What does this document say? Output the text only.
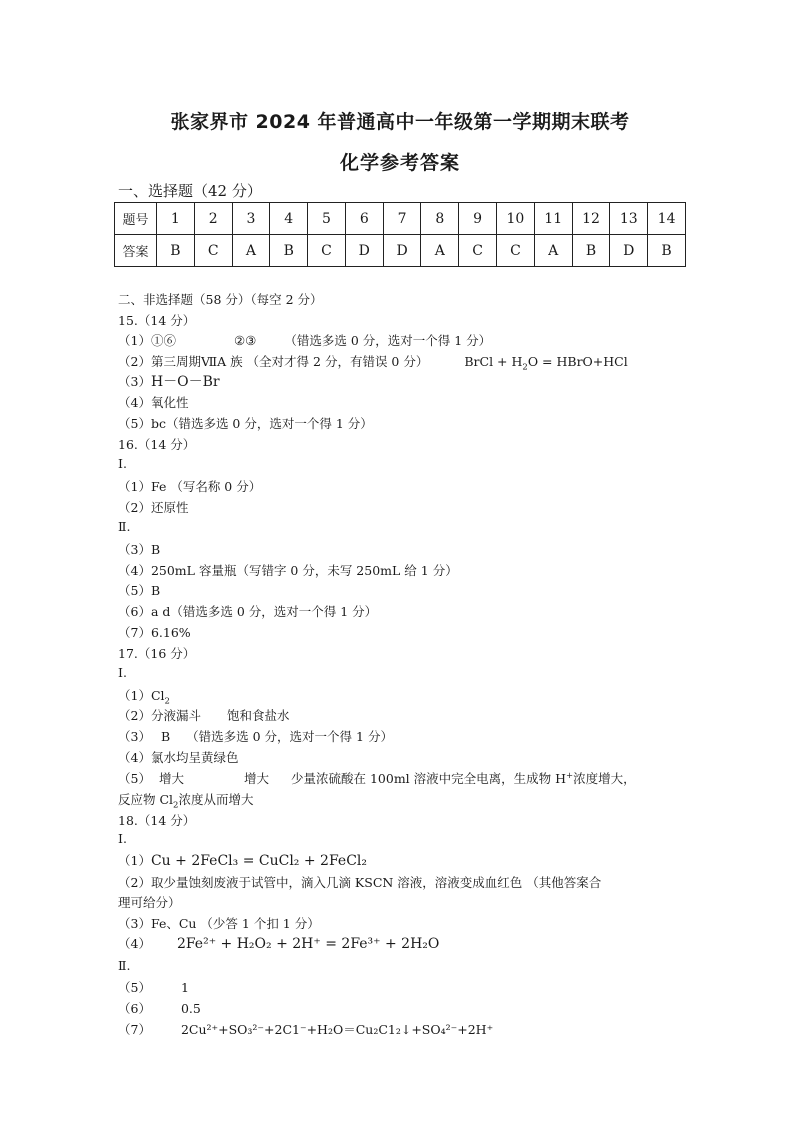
张家界市 2024 年普通高中一年级第一学期期末联考
化学参考答案
一、选择题（42 分）
题号	1	2	3	4	5	6	7	8	9	10	11	12	13	14
答案	B	C	A	B	C	D	D	A	C	C	A	B	D	B
二、非选择题（58 分）（每空 2 分）
15.（14 分）
（1）①⑥	②③ （错选多选 0 分，选对一个得 1 分）
（2）第三周期ⅦA 族 （全对才得 2 分，有错误 0 分）	BrCl + $H_2O$ = HBrO+HCl
（3）H－O－Br
（4）氧化性
（5）bc（错选多选 0 分，选对一个得 1 分）
16.（14 分）
Ⅰ.
（1）Fe （写名称 0 分）
（2）还原性
Ⅱ.
（3）B
（4）250mL 容量瓶（写错字 0 分，未写 250mL 给 1 分）
（5）B
（6）a d（错选多选 0 分，选对一个得 1 分）
（7）6.16%
17.（16 分）
Ⅰ.
$(1)Cl_2$
（2）分液漏斗 饱和食盐水
（3） B （错选多选 0 分，选对一个得 1 分）
（4）氯水均呈黄绿色
（5） 增大	增大 少量浓硫酸在 100ml 溶液中完全电离，生成物 H+浓度增大，
反应物 $Cl_2$浓度从而增大
18.（14 分）
Ⅰ.
（1）Cu + 2FeCl₃ = CuCl₂ + 2FeCl₂
（2）取少量蚀刻废液于试管中，滴入几滴 KSCN 溶液，溶液变成血红色 （其他答案合
理可给分）
（3）Fe、Cu （少答 1 个扣 1 分）
（4） 2Fe²⁺ + H₂O₂ + 2H⁺ = 2Fe³⁺ + 2H₂O
Ⅱ.
（5） 1
（6） 0.5
（7） 2Cu²⁺+SO₃²⁻+2C1⁻+H₂O＝Cu₂C1₂↓+SO₄²⁻+2H⁺
